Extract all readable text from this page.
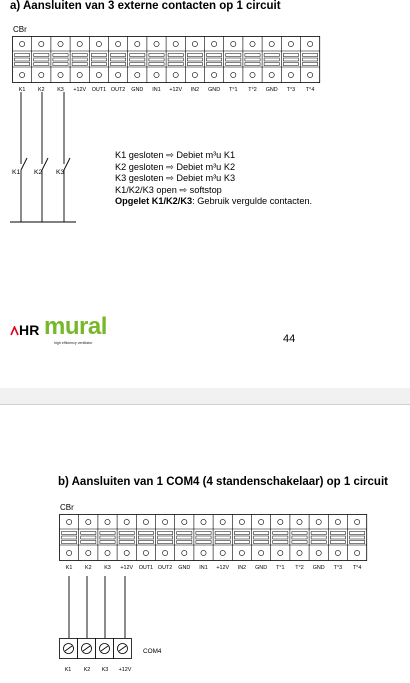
a) Aansluiten van 3 externe contacten op 1 circuit
CBr
K1 K2 K3 +12V OUT1 OUT2 GND IN1 +12V IN2 GND T°1 T°2 GND T°3 T°4
K1 K2 K3
K1 gesloten ⇨ Debiet m³u K1
K2 gesloten ⇨ Debiet m³u K2
K3 gesloten ⇨ Debiet m³u K3
K1/K2/K3 open ⇨ softstop
Opgelet K1/K2/K3: Gebruik vergulde contacten.
HR mural
high efficiency ventilator	44
b) Aansluiten van 1 COM4 (4 standenschakelaar) op 1 circuit
CBr
K1 K2 K3 +12V OUT1 OUT2 GND IN1 +12V IN2 GND T°1 T°2 GND T°3 T°4
COM4
K1 K2 K3 +12V
